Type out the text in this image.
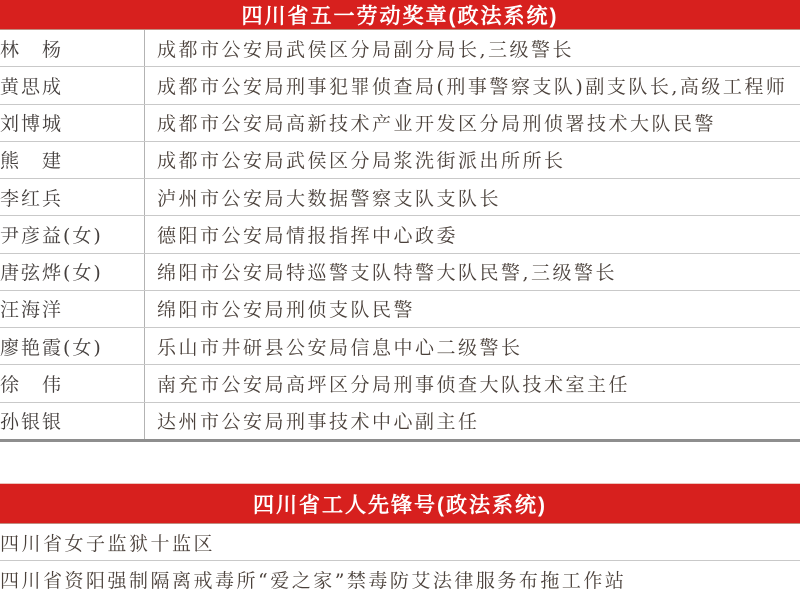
四川省五一劳动奖章(政法系统)
林　杨	成都市公安局武侯区分局副分局长,三级警长
黄思成	成都市公安局刑事犯罪侦查局(刑事警察支队)副支队长,高级工程师
刘博城	成都市公安局高新技术产业开发区分局刑侦署技术大队民警
熊　建	成都市公安局武侯区分局浆洗街派出所所长
李红兵	泸州市公安局大数据警察支队支队长
尹彦益(女)	德阳市公安局情报指挥中心政委
唐弦烨(女)	绵阳市公安局特巡警支队特警大队民警,三级警长
汪海洋	绵阳市公安局刑侦支队民警
廖艳霞(女)	乐山市井研县公安局信息中心二级警长
徐　伟	南充市公安局高坪区分局刑事侦查大队技术室主任
孙银银	达州市公安局刑事技术中心副主任
四川省工人先锋号(政法系统)
四川省女子监狱十监区
四川省资阳强制隔离戒毒所“爱之家”禁毒防艾法律服务布拖工作站
